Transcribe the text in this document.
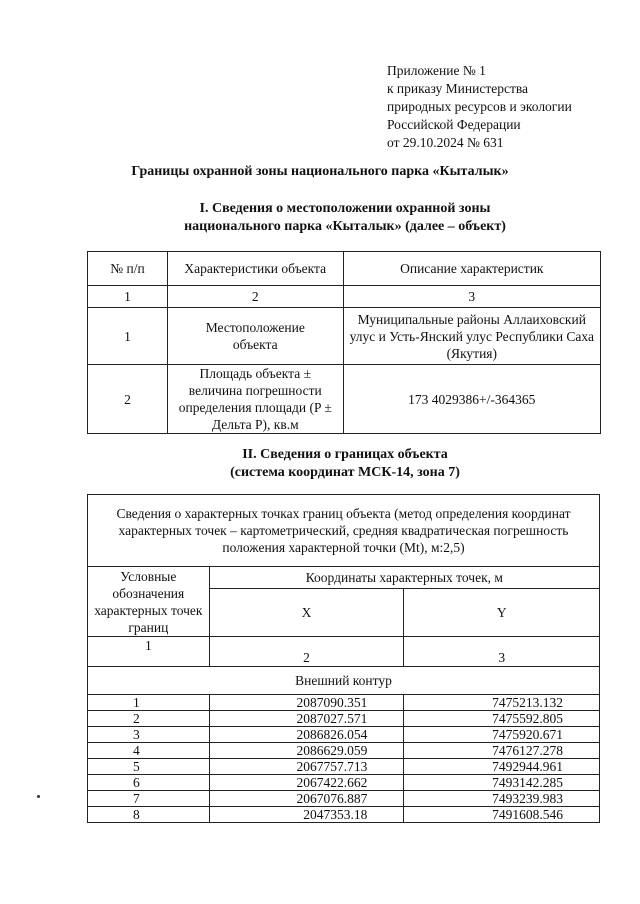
Приложение № 1
к приказу Министерства
природных ресурсов и экологии
Российской Федерации
от 29.10.2024 № 631
Границы охранной зоны национального парка «Кыталык»
I. Сведения о местоположении охранной зоны
национального парка «Кыталык» (далее – объект)
№ п/п	Характеристики объекта	Описание характеристик
1	2	3
1	Местоположение объекта	Муниципальные районы Аллаиховский улус и Усть-Янский улус Республики Саха (Якутия)
2	Площадь объекта ± величина погрешности определения площади (P ± Дельта P), кв.м	173 4029386+/-364365
II. Сведения о границах объекта
(система координат МСК-14, зона 7)
Сведения о характерных точках границ объекта (метод определения координат характерных точек – картометрический, средняя квадратическая погрешность положения характерной точки (Mt), м:2,5)		
Условные обозначения характерных точек границ	Координаты характерных точек, м	
	X	Y
1	2	3
Внешний контур		
1	2087090.351	7475213.132
2	2087027.571	7475592.805
3	2086826.054	7475920.671
4	2086629.059	7476127.278
5	2067757.713	7492944.961
6	2067422.662	7493142.285
7	2067076.887	7493239.983
8	2047353.18	7491608.546
